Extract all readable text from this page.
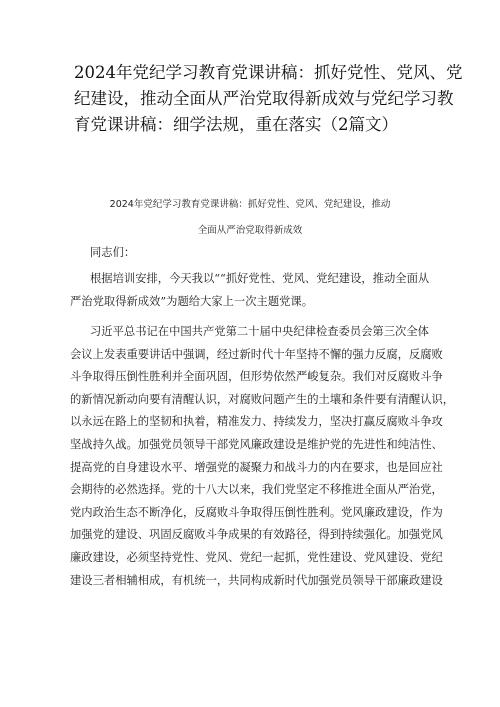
2024年党纪学习教育党课讲稿：抓好党性、党风、党
纪建设，推动全面从严治党取得新成效与党纪学习教
育党课讲稿：细学法规，重在落实（2篇文）
2024年党纪学习教育党课讲稿：抓好党性、党风、党纪建设，推动
全面从严治党取得新成效
同志们：
根据培训安排，今天我以““抓好党性、党风、党纪建设，推动全面从
严治党取得新成效”为题给大家上一次主题党课。
习近平总书记在中国共产党第二十届中央纪律检查委员会第三次全体
会议上发表重要讲话中强调，经过新时代十年坚持不懈的强力反腐，反腐败
斗争取得压倒性胜利并全面巩固，但形势依然严峻复杂。我们对反腐败斗争
的新情况新动向要有清醒认识，对腐败问题产生的土壤和条件要有清醒认识，
以永远在路上的坚韧和执着，精准发力、持续发力，坚决打赢反腐败斗争攻
坚战持久战。加强党员领导干部党风廉政建设是维护党的先进性和纯洁性、
提高党的自身建设水平、增强党的凝聚力和战斗力的内在要求，也是回应社
会期待的必然选择。党的十八大以来，我们党坚定不移推进全面从严治党，
党内政治生态不断净化，反腐败斗争取得压倒性胜利。党风廉政建设，作为
加强党的建设、巩固反腐败斗争成果的有效路径，得到持续强化。加强党风
廉政建设，必须坚持党性、党风、党纪一起抓，党性建设、党风建设、党纪
建设三者相辅相成，有机统一，共同构成新时代加强党员领导干部廉政建设
